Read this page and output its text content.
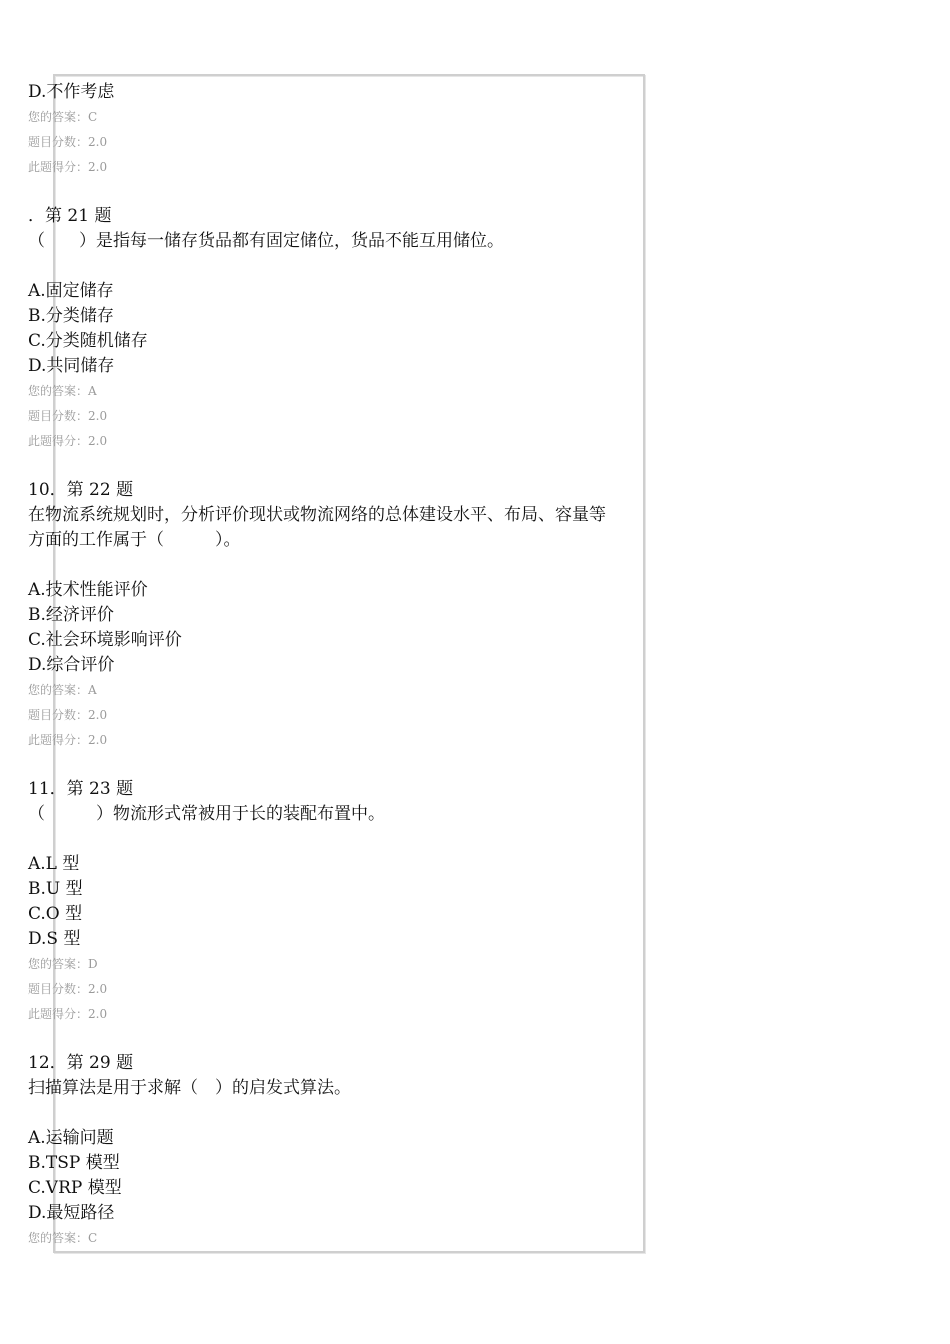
D.不作考虑
您的答案：C
题目分数：2.0
此题得分：2.0
．第 21 题
（　　）是指每一储存货品都有固定储位，货品不能互用储位。
A.固定储存
B.分类储存
C.分类随机储存
D.共同储存
您的答案：A
题目分数：2.0
此题得分：2.0
10．第 22 题
在物流系统规划时，分析评价现状或物流网络的总体建设水平、布局、容量等
方面的工作属于（　　　）。
A.技术性能评价
B.经济评价
C.社会环境影响评价
D.综合评价
您的答案：A
题目分数：2.0
此题得分：2.0
11．第 23 题
（　　　）物流形式常被用于长的装配布置中。
A.L 型
B.U 型
C.O 型
D.S 型
您的答案：D
题目分数：2.0
此题得分：2.0
12．第 29 题
扫描算法是用于求解（　）的启发式算法。
A.运输问题
B.TSP 模型
C.VRP 模型
D.最短路径
您的答案：C
